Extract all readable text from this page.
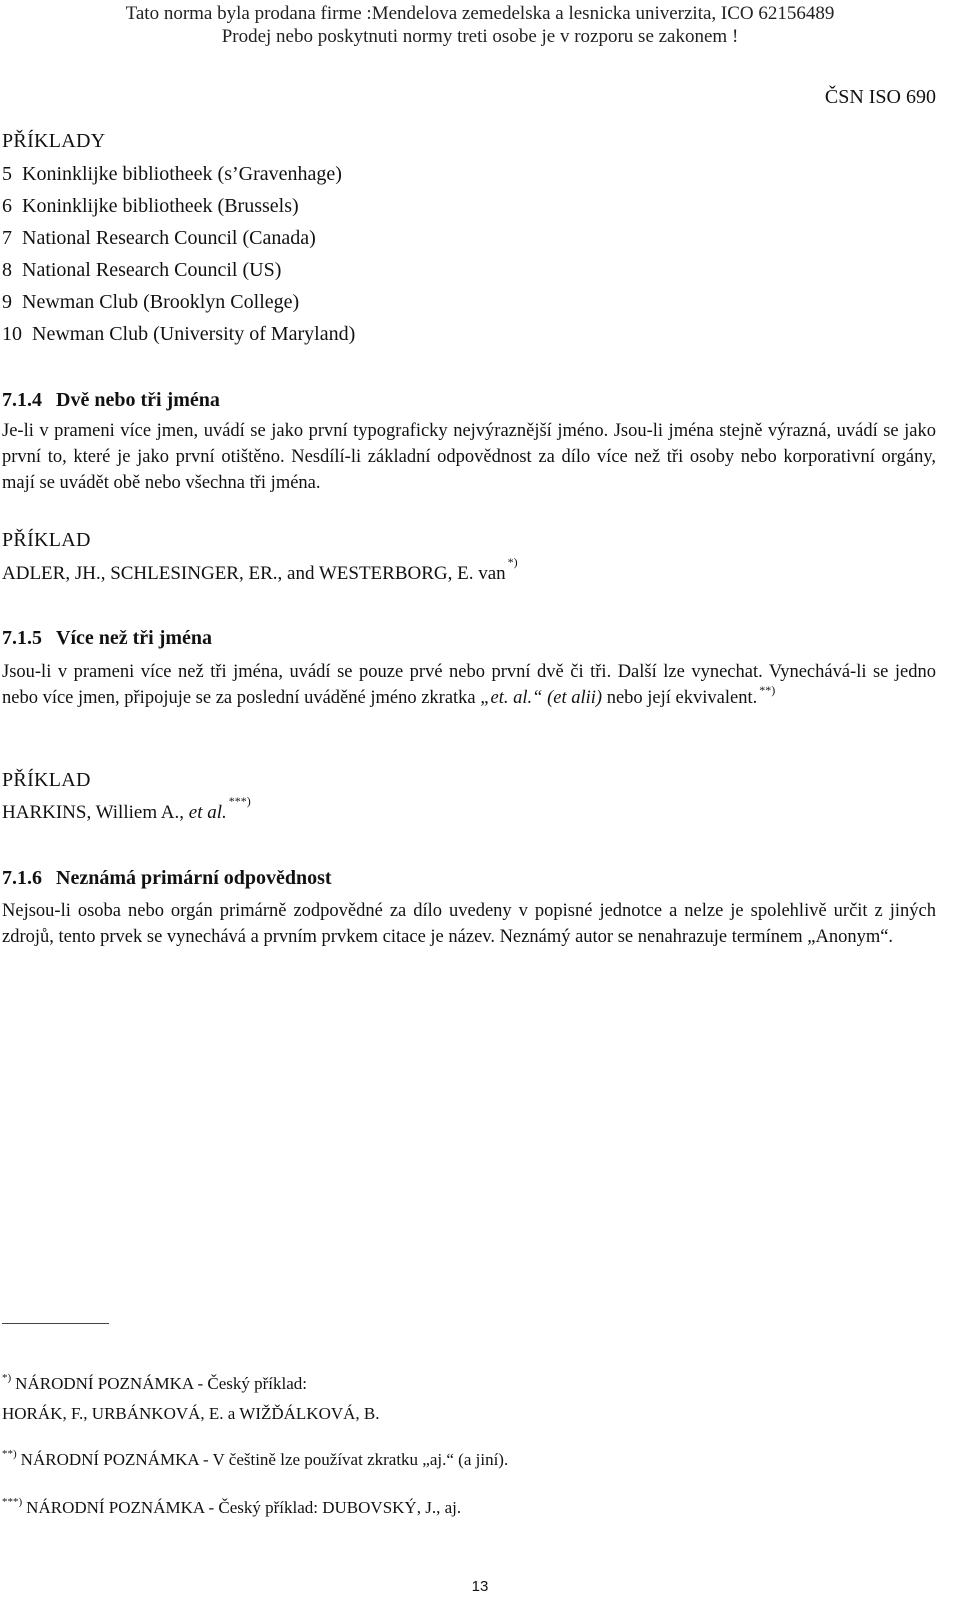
Tato norma byla prodana firme :Mendelova zemedelska a lesnicka univerzita, ICO 62156489
Prodej nebo poskytnuti normy treti osobe je v rozporu se zakonem !
ČSN ISO 690
PŘÍKLADY
5 Koninklijke bibliotheek (s’Gravenhage)
6 Koninklijke bibliotheek (Brussels)
7 National Research Council (Canada)
8 National Research Council (US)
9 Newman Club (Brooklyn College)
10 Newman Club (University of Maryland)
7.1.4 Dvě nebo tři jména
Je-li v prameni více jmen, uvádí se jako první typograficky nejvýraznější jméno. Jsou-li jména stejně výrazná, uvádí se jako první to, které je jako první otištěno. Nesdílí-li základní odpovědnost za dílo více než tři osoby nebo korporativní orgány, mají se uvádět obě nebo všechna tři jména.
PŘÍKLAD
ADLER, JH., SCHLESINGER, ER., and WESTERBORG, E. van*)
7.1.5 Více než tři jména
Jsou-li v prameni více než tři jména, uvádí se pouze prvé nebo první dvě či tři. Další lze vynechat. Vynechává-li se jedno nebo více jmen, připojuje se za poslední uváděné jméno zkratka „et. al.“ (et alii) nebo její ekvivalent. **)
PŘÍKLAD
HARKINS, Williem A., et al.***)
7.1.6 Neznámá primární odpovědnost
Nejsou-li osoba nebo orgán primárně zodpovědné za dílo uvedeny v popisné jednotce a nelze je spolehlivě určit z jiných zdrojů, tento prvek se vynechává a prvním prvkem citace je název. Neznámý autor se nenahrazuje termínem „Anonym“.
*) NÁRODNÍ POZNÁMKA - Český příklad:
HORÁK, F., URBÁNKOVÁ, E. a WIŽĎÁLKOVÁ, B.
**) NÁRODNÍ POZNÁMKA - V češtině lze používat zkratku „aj.“ (a jiní).
***) NÁRODNÍ POZNÁMKA - Český příklad: DUBOVSKÝ, J., aj.
13
